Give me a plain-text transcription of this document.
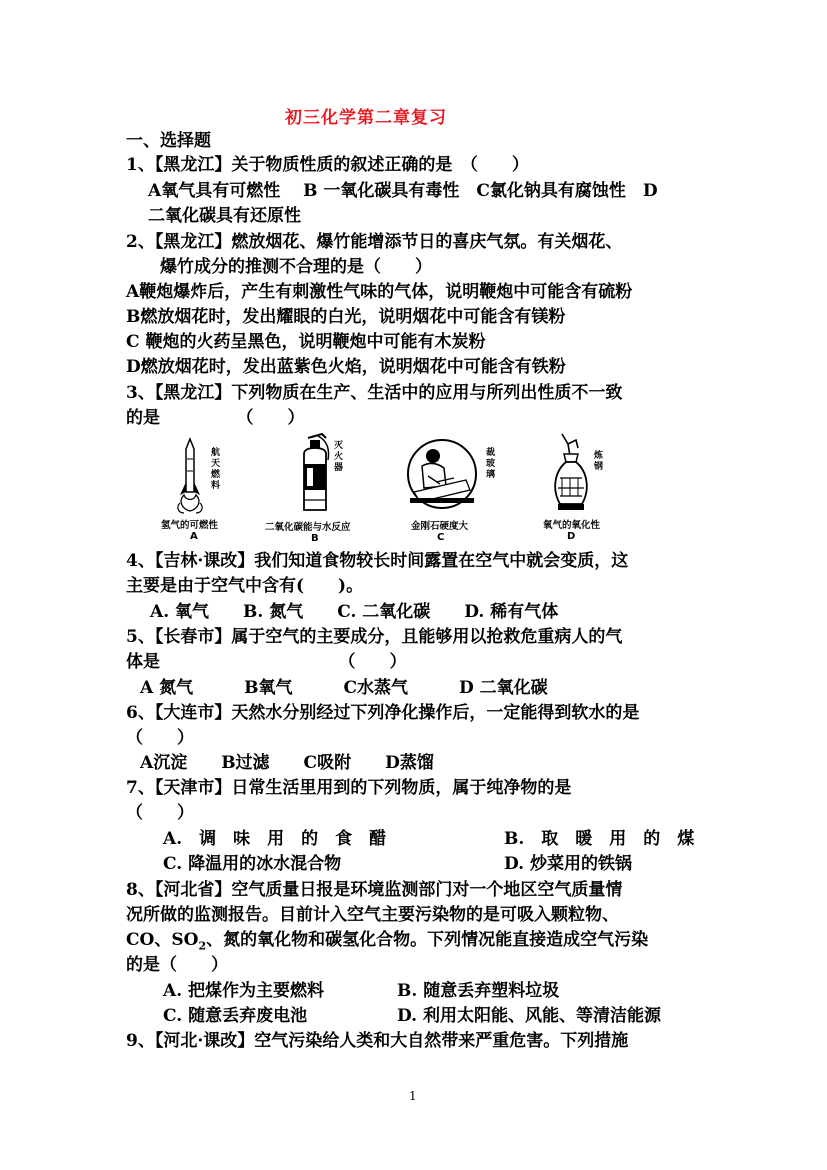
初三化学第二章复习
一、选择题
1、【黑龙江】关于物质性质的叙述正确的是　（　　）
A氧气具有可燃性　 B 一氧化碳具有毒性　C氯化钠具有腐蚀性　D
二氧化碳具有还原性
2、【黑龙江】燃放烟花、爆竹能增添节日的喜庆气氛。有关烟花、
爆竹成分的推测不合理的是（　　）
A鞭炮爆炸后，产生有刺激性气味的气体，说明鞭炮中可能含有硫粉
B燃放烟花时，发出耀眼的白光，说明烟花中可能含有镁粉
C 鞭炮的火药呈黑色，说明鞭炮中可能有木炭粉
D燃放烟花时，发出蓝紫色火焰，说明烟花中可能含有铁粉
3、【黑龙江】下列物质在生产、生活中的应用与所列出性质不一致
的是　　　　　（　　）
航天燃料
氢气的可燃性
A
灭火器
二氧化碳能与水反应
B
裁玻璃
金刚石硬度大
C
炼钢
氧气的氧化性
D
4、【吉林·课改】我们知道食物较长时间露置在空气中就会变质，这
主要是由于空气中含有(　　)。
A. 氧气　　B. 氮气　　C. 二氧化碳　　D. 稀有气体
5、【长春市】属于空气的主要成分，且能够用以抢救危重病人的气
体是　　　　　　　　　　　（　　）
A 氮气　　　B氧气　　　C水蒸气　　　D 二氧化碳
6、【大连市】天然水分别经过下列净化操作后，一定能得到软水的是
（　　）
A沉淀　　B过滤　　C吸附　　D蒸馏
7、【天津市】日常生活里用到的下列物质，属于纯净物的是
（　　）
A.　调　味　用　的　食　醋	B.　取　暖　用　的　煤
C. 降温用的冰水混合物	D. 炒菜用的铁锅
8、【河北省】空气质量日报是环境监测部门对一个地区空气质量情
况所做的监测报告。目前计入空气主要污染物的是可吸入颗粒物、
CO、$SO_2$、氮的氧化物和碳氢化合物。下列情况能直接造成空气污染
的是（　　）
A. 把煤作为主要燃料	B. 随意丢弃塑料垃圾
C. 随意丢弃废电池	D. 利用太阳能、风能、等清洁能源
9、【河北·课改】空气污染给人类和大自然带来严重危害。下列措施
1
